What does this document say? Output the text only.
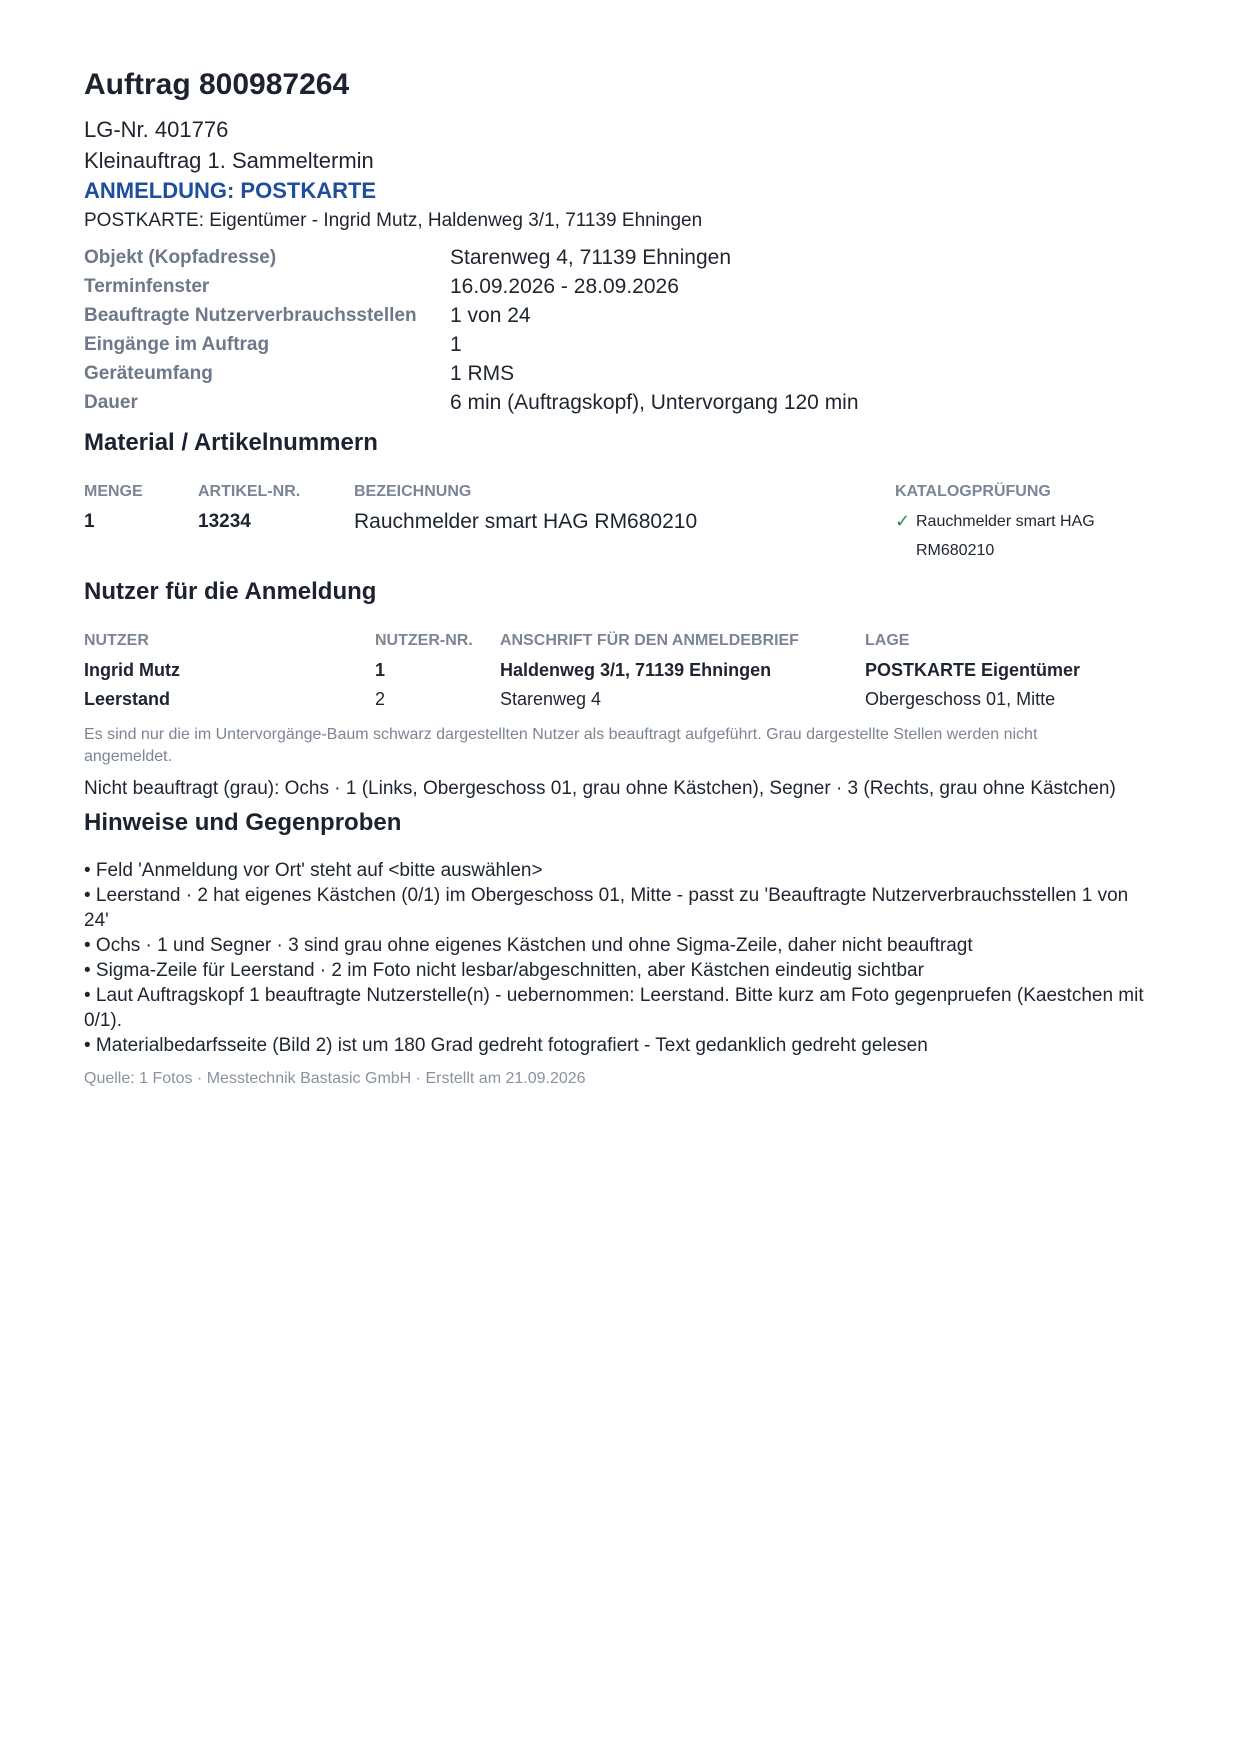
Auftrag 800987264
LG-Nr. 401776
Kleinauftrag 1. Sammeltermin
ANMELDUNG: POSTKARTE
POSTKARTE: Eigentümer - Ingrid Mutz, Haldenweg 3/1, 71139 Ehningen
Objekt (Kopfadresse)	Starenweg 4, 71139 Ehningen
Terminfenster	16.09.2026 - 28.09.2026
Beauftragte Nutzerverbrauchsstellen	1 von 24
Eingänge im Auftrag	1
Geräteumfang	1 RMS
Dauer	6 min (Auftragskopf), Untervorgang 120 min
Material / Artikelnummern
MENGE	ARTIKEL-NR.	BEZEICHNUNG	KATALOGPRÜFUNG
1	13234	Rauchmelder smart HAG RM680210	✓ Rauchmelder smart HAG RM680210
Nutzer für die Anmeldung
NUTZER	NUTZER-NR.	ANSCHRIFT FÜR DEN ANMELDEBRIEF	LAGE
Ingrid Mutz	1	Haldenweg 3/1, 71139 Ehningen	POSTKARTE Eigentümer
Leerstand	2	Starenweg 4	Obergeschoss 01, Mitte
Es sind nur die im Untervorgänge-Baum schwarz dargestellten Nutzer als beauftragt aufgeführt. Grau dargestellte Stellen werden nicht angemeldet.
Nicht beauftragt (grau): Ochs · 1 (Links, Obergeschoss 01, grau ohne Kästchen), Segner · 3 (Rechts, grau ohne Kästchen)
Hinweise und Gegenproben
• Feld 'Anmeldung vor Ort' steht auf <bitte auswählen>
• Leerstand · 2 hat eigenes Kästchen (0/1) im Obergeschoss 01, Mitte - passt zu 'Beauftragte Nutzerverbrauchsstellen 1 von 24'
• Ochs · 1 und Segner · 3 sind grau ohne eigenes Kästchen und ohne Sigma-Zeile, daher nicht beauftragt
• Sigma-Zeile für Leerstand · 2 im Foto nicht lesbar/abgeschnitten, aber Kästchen eindeutig sichtbar
• Laut Auftragskopf 1 beauftragte Nutzerstelle(n) - uebernommen: Leerstand. Bitte kurz am Foto gegenpruefen (Kaestchen mit 0/1).
• Materialbedarfsseite (Bild 2) ist um 180 Grad gedreht fotografiert - Text gedanklich gedreht gelesen
Quelle: 1 Fotos · Messtechnik Bastasic GmbH · Erstellt am 21.09.2026
